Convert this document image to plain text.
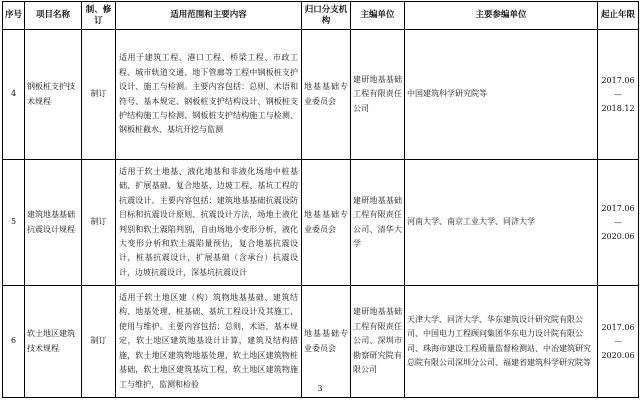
序号	项目名称	制、修订	适用范围和主要内容	归口分支机构	主编单位	主要参编单位	起止年限
4	钢板桩支护技术规程	制订	适用于建筑工程、港口工程、桥梁工程、市政工程、城市轨道交通、地下管廊等工程中钢板桩支护设计、施工与检测。主要内容包括：总则、术语和符号、基本规定、钢板桩支护结构设计、钢板桩支护结构施工与检测、钢板桩支护结构施工与检测、钢板桩截水、基坑开挖与监测	地基基础专业委员会	建研地基基础工程有限责任公司	中国建筑科学研究院等	2017.06
—
2018.12

5	建筑地基基础抗震设计规程	制订	适用于软土地基、液化地基和非液化场地中桩基础、扩展基础、复合地基、边坡工程、基坑工程的抗震设计。主要内容包括：建筑地基基础抗震设防目标和抗震设计原则、抗震设计方法，场地土液化判别和软土震陷判别，自由场地小变形分析，液化大变形分析和软土震陷量预估，复合地基抗震设计，桩基抗震设计，扩展基础（含承台）抗震设计，边坡抗震设计，深基坑抗震设计	地基基础专业委员会	建研地基基础工程有限责任公司、清华大学	河南大学、南京工业大学、同济大学	2017.06
—
2020.06

6	软土地区建筑技术规程	制订	适用于软土地区建（构）筑物地基基础、建筑结构、地基处理、桩基础、基坑工程设计及其施工、使用与维护。主要内容包括：总则，术语，基本规定，软土地区建筑地基设计计算，建筑及结构措施，软土地区建筑物地基处理，软土地区建筑物桩基础，软土地区建筑基坑工程，软土地区建筑物施工与维护，监测和检验	地基基础专业委员会	建研地基基础工程有限责任公司、深圳市勘察研究院有限公司	天津大学、同济大学、华东建筑设计研究院有限公司、中国电力工程顾问集团华东电力设计院有限公司、珠海市建设工程质量监督检测站、中冶建筑研究总院有限公司深圳分公司、福建省建筑科学研究院等	2017.06
—
2020.06
3
